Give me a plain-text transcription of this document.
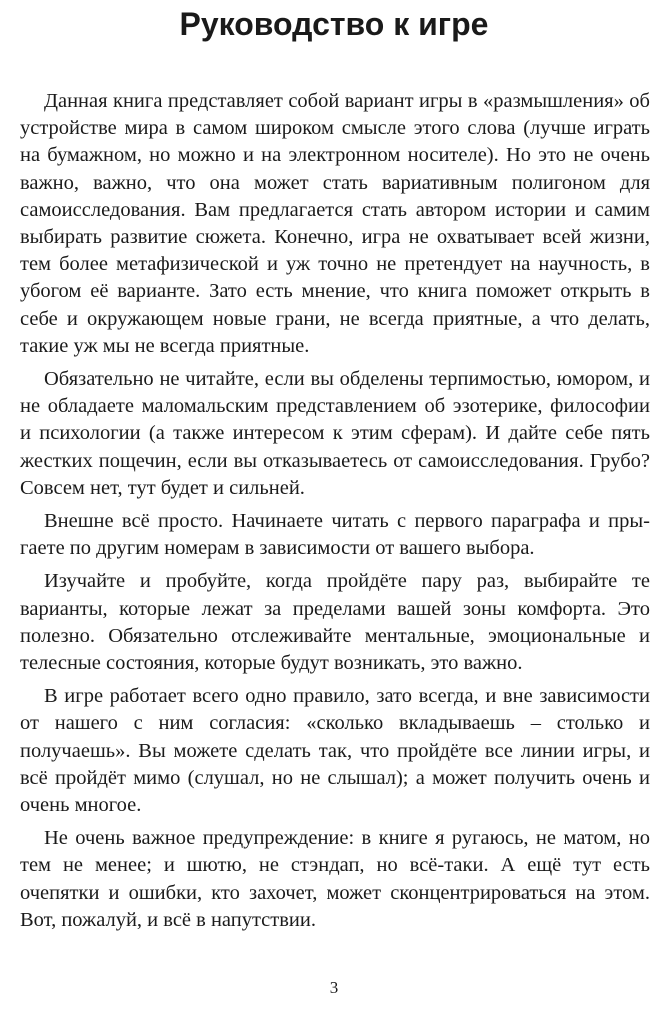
Руководство к игре

Данная книга представляет собой вариант игры в «размышления» об устройстве мира в самом широком смысле этого слова (лучше играть на бумажном, но можно и на электронном носителе). Но это не очень важно, важно, что она может стать вариативным полигоном для самоисследования. Вам предлагается стать автором истории и самим выбирать развитие сюжета. Конечно, игра не охватывает всей жизни, тем более метафизической и уж точно не претендует на научность, в убогом её варианте. Зато есть мнение, что книга поможет открыть в себе и окружающем новые грани, не всегда приятные, а что делать, такие уж мы не всегда приятные.

Обязательно не читайте, если вы обделены терпимостью, юмором, и не обладаете маломальским представлением об эзотерике, философии и психологии (а также интересом к этим сферам). И дайте себе пять жестких пощечин, если вы отказываетесь от самоисследования. Грубо? Совсем нет, тут будет и сильней.

Внешне всё просто. Начинаете читать с первого параграфа и прыгаете по другим номерам в зависимости от вашего выбора.

Изучайте и пробуйте, когда пройдёте пару раз, выбирайте те варианты, которые лежат за пределами вашей зоны комфорта. Это полезно. Обязательно отслеживайте ментальные, эмоциональные и телесные состояния, которые будут возникать, это важно.

В игре работает всего одно правило, зато всегда, и вне зависимости от нашего с ним согласия: «сколько вкладываешь – столько и получаешь». Вы можете сделать так, что пройдёте все линии игры, и всё пройдёт мимо (слушал, но не слышал); а может получить очень и очень многое.

Не очень важное предупреждение: в книге я ругаюсь, не матом, но тем не менее; и шютю, не стэндап, но всё-таки. А ещё тут есть очепятки и ошибки, кто захочет, может сконцентрироваться на этом. Вот, пожалуй, и всё в напутствии.

3
